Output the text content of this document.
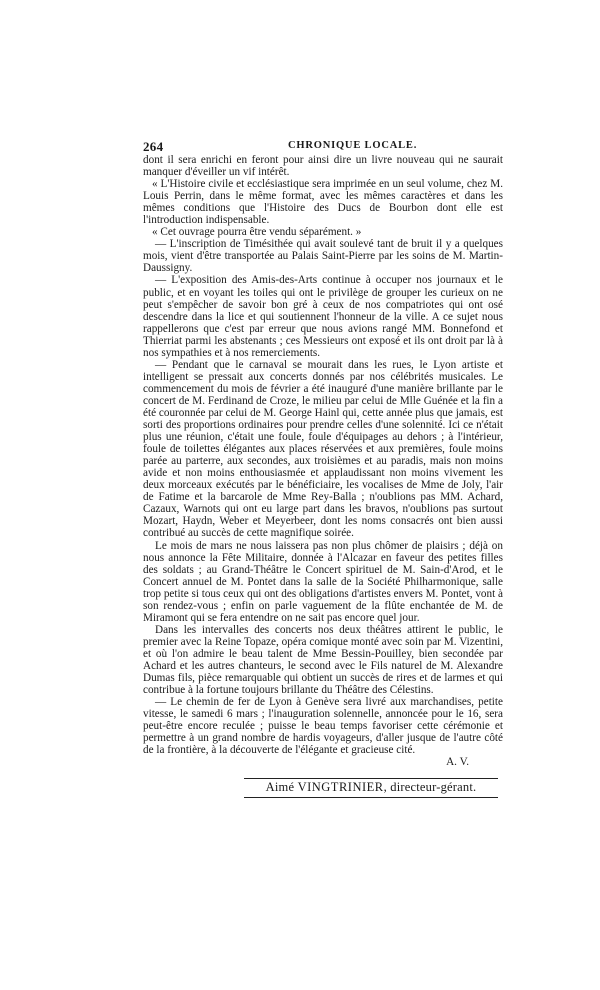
264	CHRONIQUE LOCALE.

dont il sera enrichi en feront pour ainsi dire un livre nouveau qui ne saurait manquer d'éveiller un vif intérêt.

« L'Histoire civile et ecclésiastique sera imprimée en un seul volume, chez M. Louis Perrin, dans le même format, avec les mêmes caractères et dans les mêmes conditions que l'Histoire des Ducs de Bourbon dont elle est l'introduction indispensable.

« Cet ouvrage pourra être vendu séparément. »

— L'inscription de Timésithée qui avait soulevé tant de bruit il y a quelques mois, vient d'être transportée au Palais Saint-Pierre par les soins de M. Martin-Daussigny.

— L'exposition des Amis-des-Arts continue à occuper nos journaux et le public, et en voyant les toiles qui ont le privilège de grouper les curieux on ne peut s'empêcher de savoir bon gré à ceux de nos compatriotes qui ont osé descendre dans la lice et qui soutiennent l'honneur de la ville. A ce sujet nous rappellerons que c'est par erreur que nous avions rangé MM. Bonnefond et Thierriat parmi les abstenants ; ces Messieurs ont exposé et ils ont droit par là à nos sympathies et à nos remerciements.

— Pendant que le carnaval se mourait dans les rues, le Lyon artiste et intelligent se pressait aux concerts donnés par nos célébrités musicales. Le commencement du mois de février a été inauguré d'une manière brillante par le concert de M. Ferdinand de Croze, le milieu par celui de Mlle Guénée et la fin a été couronnée par celui de M. George Hainl qui, cette année plus que jamais, est sorti des proportions ordinaires pour prendre celles d'une solennité. Ici ce n'était plus une réunion, c'était une foule, foule d'équipages au dehors ; à l'intérieur, foule de toilettes élégantes aux places réservées et aux premières, foule moins parée au parterre, aux secondes, aux troisièmes et au paradis, mais non moins avide et non moins enthousiasmée et applaudissant non moins vivement les deux morceaux exécutés par le bénéficiaire, les vocalises de Mme de Joly, l'air de Fatime et la barcarole de Mme Rey-Balla ; n'oublions pas MM. Achard, Cazaux, Warnots qui ont eu large part dans les bravos, n'oublions pas surtout Mozart, Haydn, Weber et Meyerbeer, dont les noms consacrés ont bien aussi contribué au succès de cette magnifique soirée.

Le mois de mars ne nous laissera pas non plus chômer de plaisirs ; déjà on nous annonce la Fête Militaire, donnée à l'Alcazar en faveur des petites filles des soldats ; au Grand-Théâtre le Concert spirituel de M. Sain-d'Arod, et le Concert annuel de M. Pontet dans la salle de la Société Philharmonique, salle trop petite si tous ceux qui ont des obligations d'artistes envers M. Pontet, vont à son rendez-vous ; enfin on parle vaguement de la flûte enchantée de M. de Miramont qui se fera entendre on ne sait pas encore quel jour.

Dans les intervalles des concerts nos deux théâtres attirent le public, le premier avec la Reine Topaze, opéra comique monté avec soin par M. Vizentini, et où l'on admire le beau talent de Mme Bessin-Pouilley, bien secondée par Achard et les autres chanteurs, le second avec le Fils naturel de M. Alexandre Dumas fils, pièce remarquable qui obtient un succès de rires et de larmes et qui contribue à la fortune toujours brillante du Théâtre des Célestins.

— Le chemin de fer de Lyon à Genève sera livré aux marchandises, petite vitesse, le samedi 6 mars ; l'inauguration solennelle, annoncée pour le 16, sera peut-être encore reculée ; puisse le beau temps favoriser cette cérémonie et permettre à un grand nombre de hardis voyageurs, d'aller jusque de l'autre côté de la frontière, à la découverte de l'élégante et gracieuse cité.

A. V.
Aimé VINGTRINIER, directeur-gérant.
